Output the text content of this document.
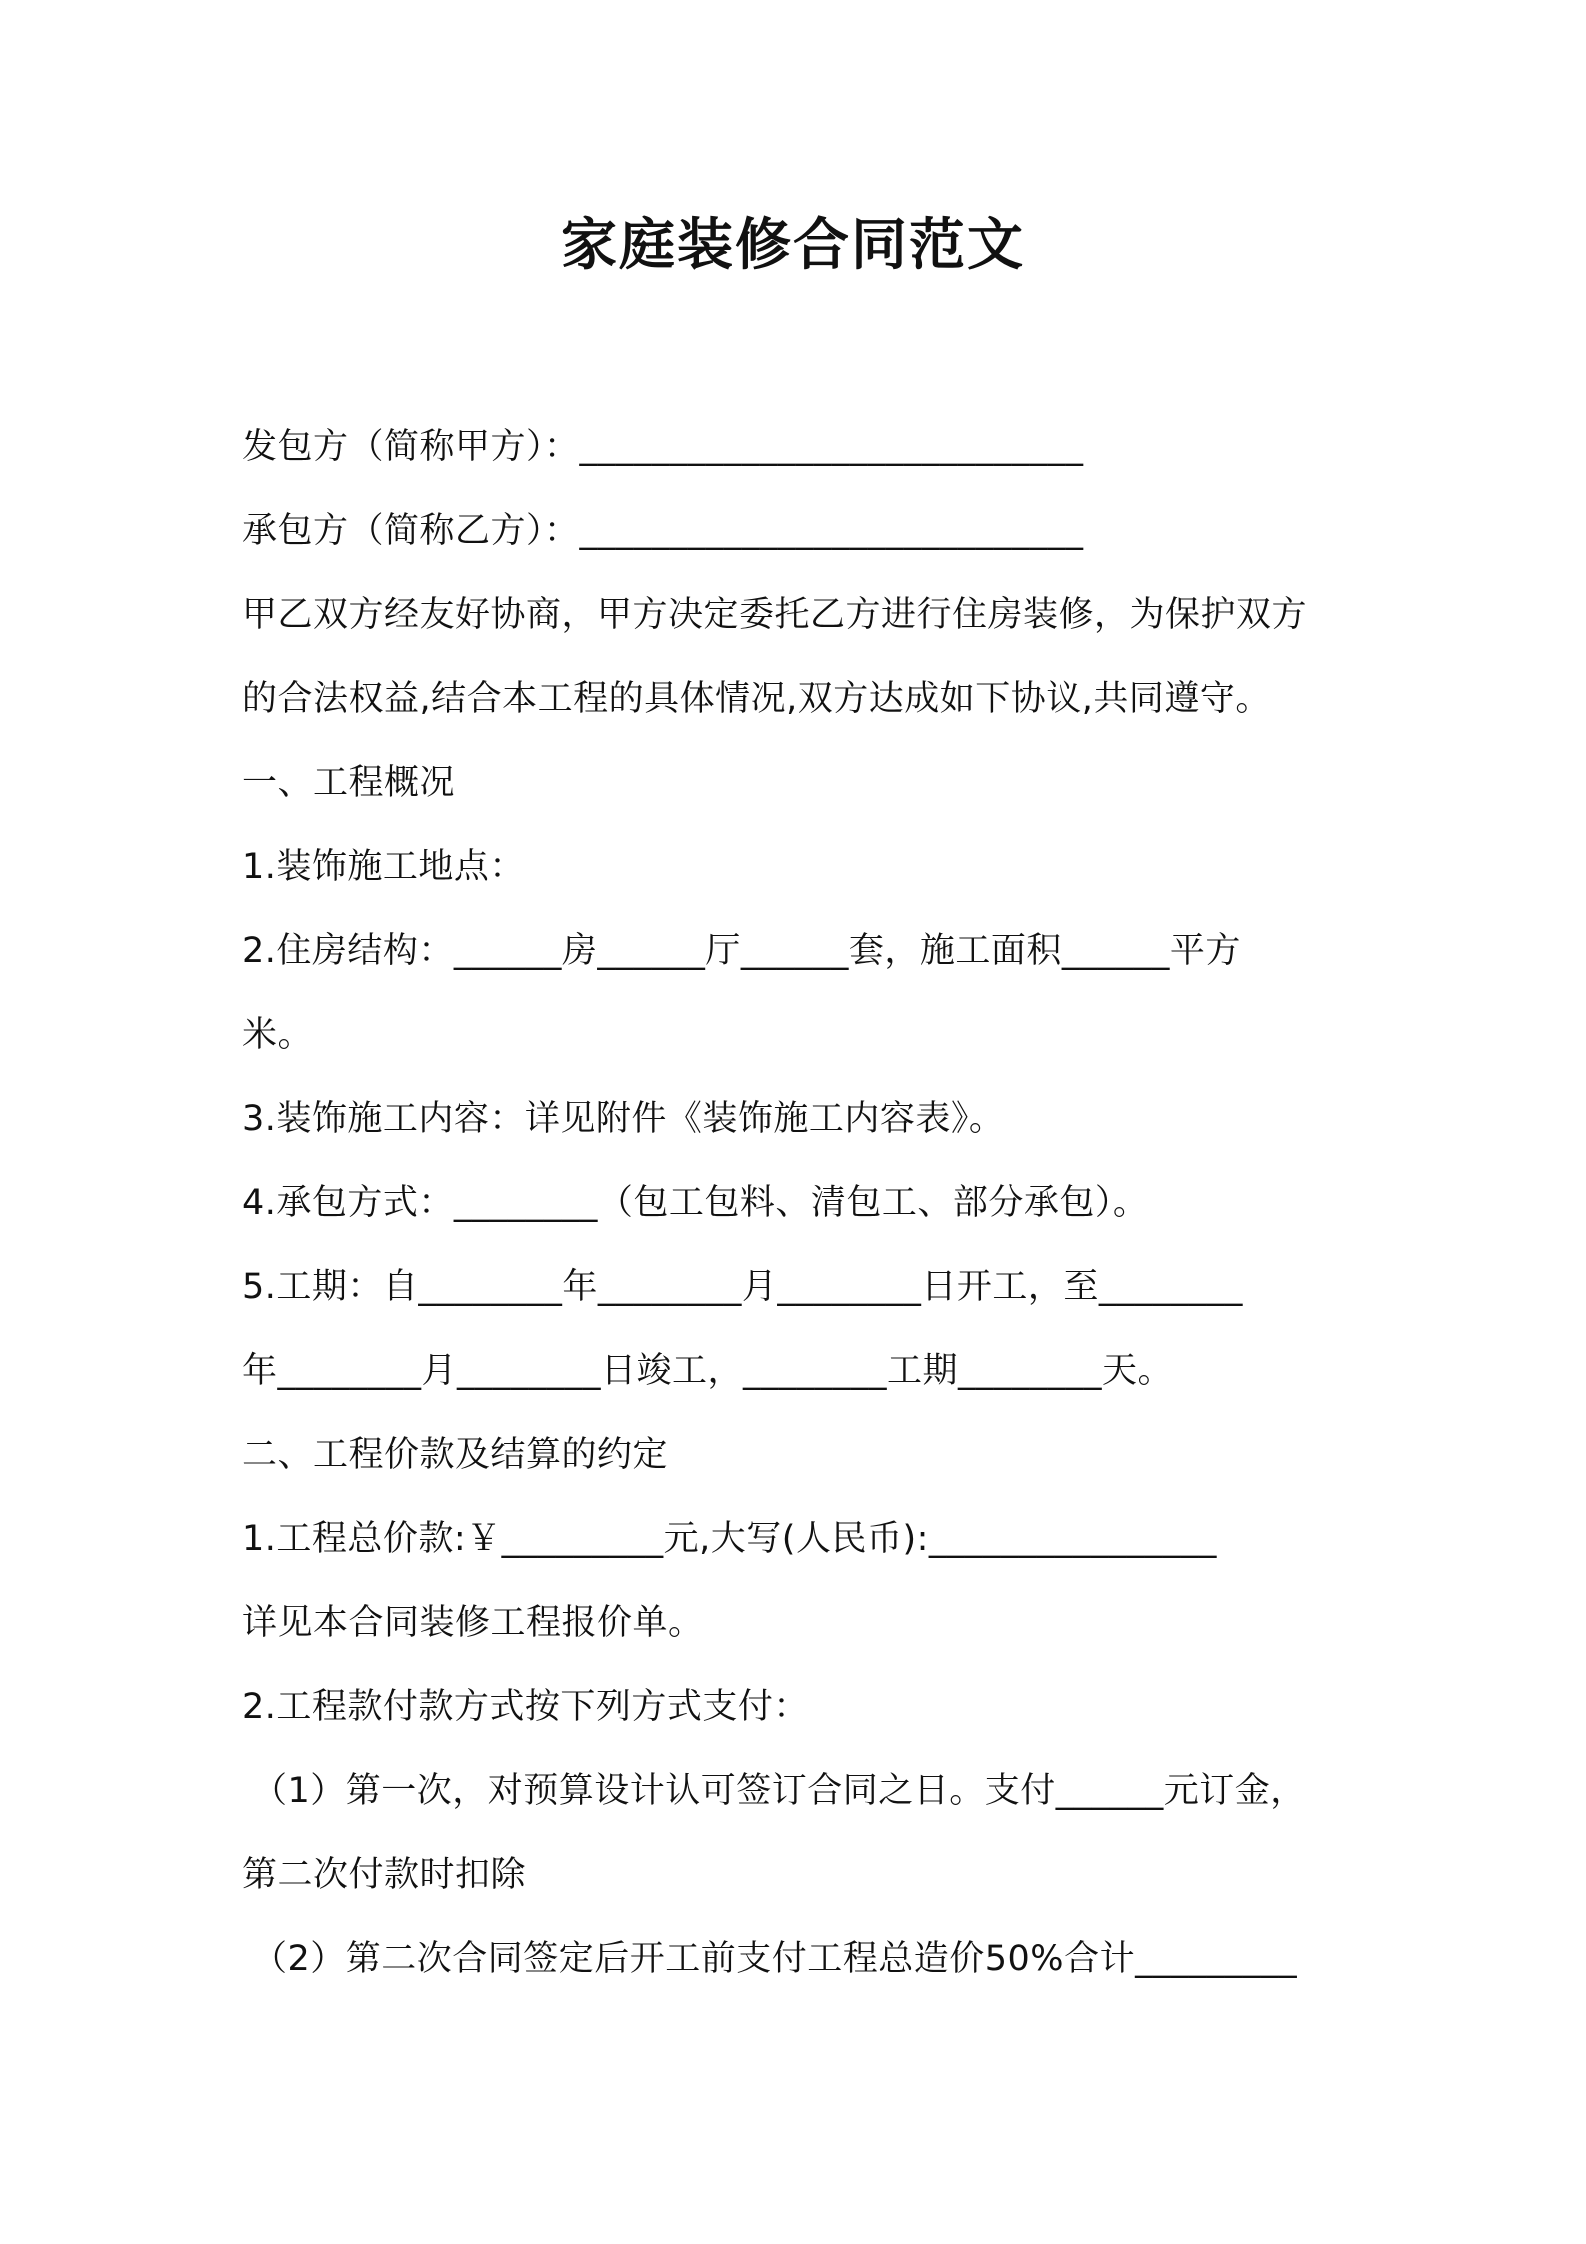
家庭装修合同范文
发包方（简称甲方）：____________________________
承包方（简称乙方）：____________________________
甲乙双方经友好协商，甲方决定委托乙方进行住房装修，为保护双方
的合法权益,结合本工程的具体情况,双方达成如下协议,共同遵守。
一、工程概况
1.装饰施工地点：
2.住房结构：______房______厅______套，施工面积______平方
米。
3.装饰施工内容：详见附件《装饰施工内容表》。
4.承包方式：________（包工包料、清包工、部分承包）。
5.工期：自________年________月________日开工，至________
年________月________日竣工，________工期________天。
二、工程价款及结算的约定
1.工程总价款:￥_________元,大写(人民币):________________
详见本合同装修工程报价单。
2.工程款付款方式按下列方式支付：
（1）第一次，对预算设计认可签订合同之日。支付______元订金，
第二次付款时扣除
（2）第二次合同签定后开工前支付工程总造价50%合计_________
